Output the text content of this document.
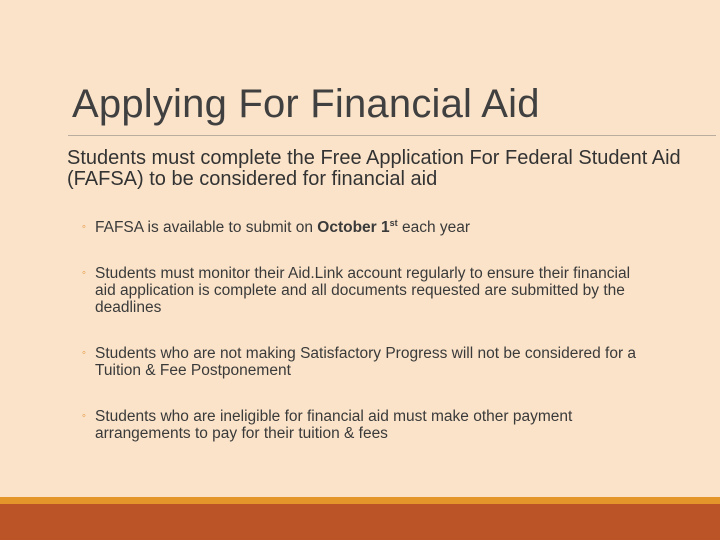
Applying For Financial Aid
Students must complete the Free Application For Federal Student Aid (FAFSA) to be considered for financial aid
◦ FAFSA is available to submit on October 1st each year
◦ Students must monitor their Aid.Link account regularly to ensure their financial aid application is complete and all documents requested are submitted by the deadlines
◦ Students who are not making Satisfactory Progress will not be considered for a Tuition & Fee Postponement
◦ Students who are ineligible for financial aid must make other payment arrangements to pay for their tuition & fees
